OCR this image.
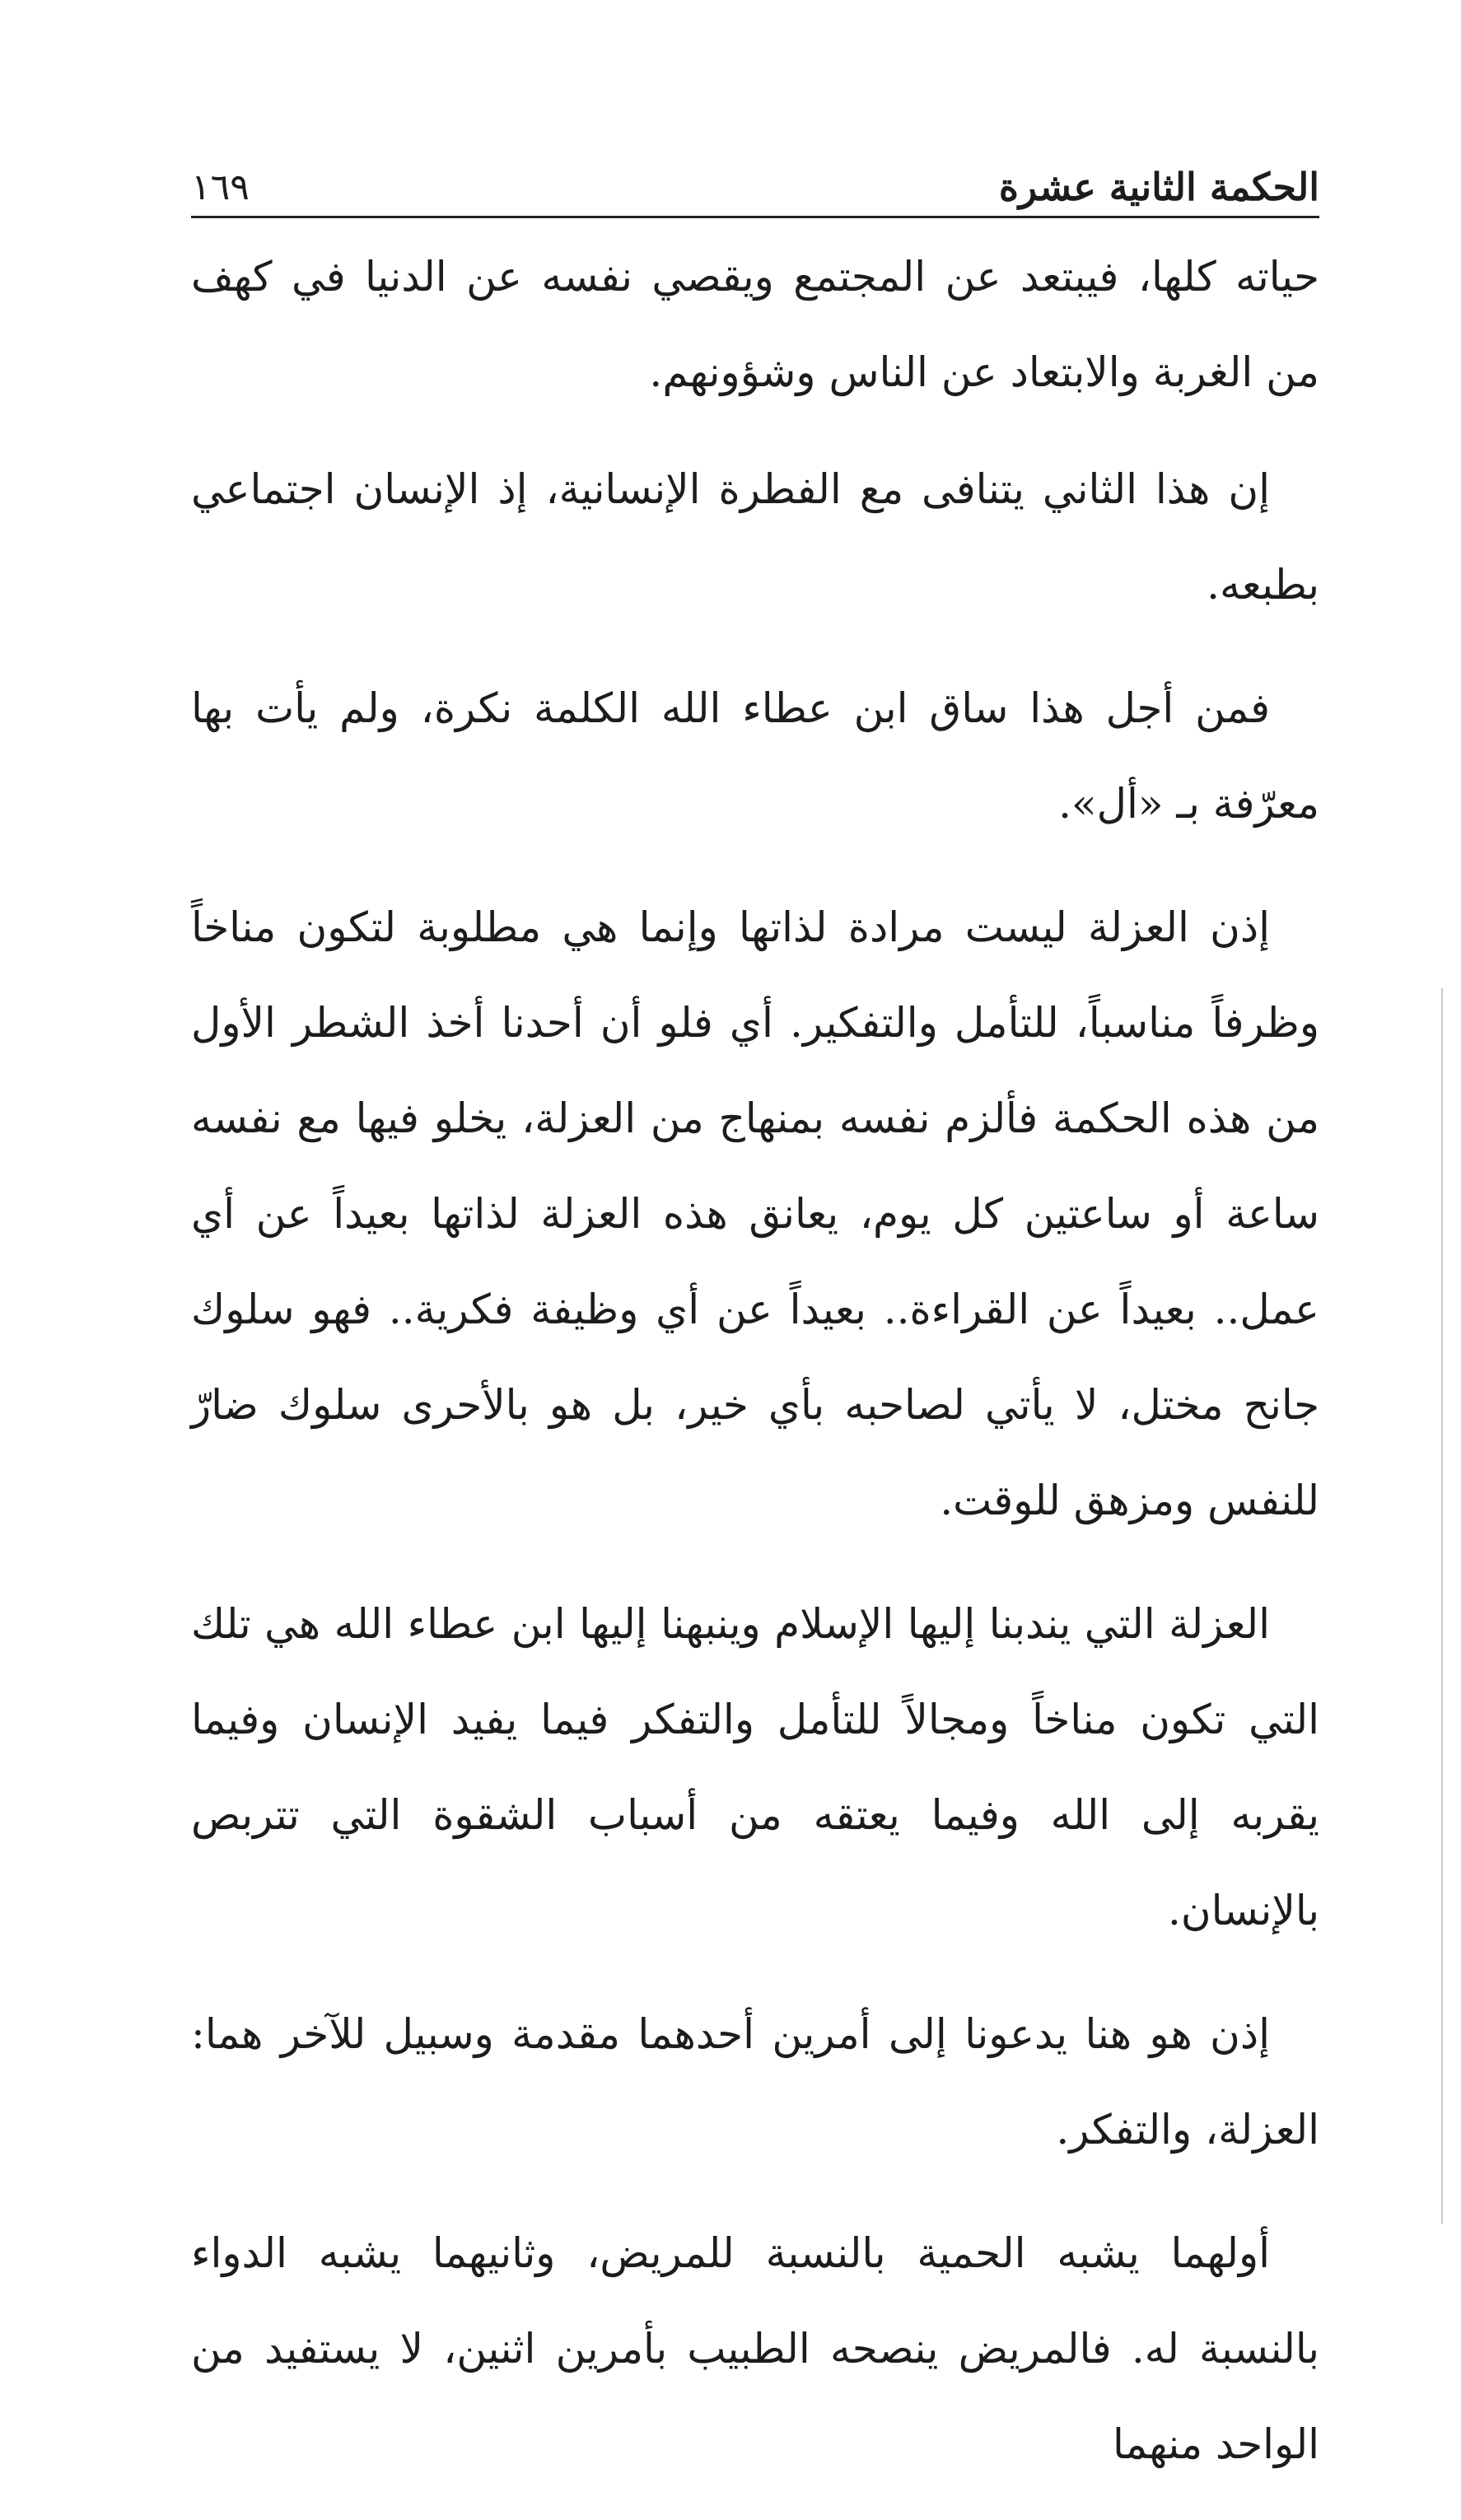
الحكمة الثانية عشرة
١٦٩

حياته كلها، فيبتعد عن المجتمع ويقصي نفسه عن الدنيا في كهف من الغربة والابتعاد عن الناس وشؤونهم.

إن هذا الثاني يتنافى مع الفطرة الإنسانية، إذ الإنسان اجتماعي بطبعه.

فمن أجل هذا ساق ابن عطاء الله الكلمة نكرة، ولم يأت بها معرّفة بـ «أل».

إذن العزلة ليست مرادة لذاتها وإنما هي مطلوبة لتكون مناخاً وظرفاً مناسباً، للتأمل والتفكير. أي فلو أن أحدنا أخذ الشطر الأول من هذه الحكمة فألزم نفسه بمنهاج من العزلة، يخلو فيها مع نفسه ساعة أو ساعتين كل يوم، يعانق هذه العزلة لذاتها بعيداً عن أي عمل.. بعيداً عن القراءة.. بعيداً عن أي وظيفة فكرية.. فهو سلوك جانح مختل، لا يأتي لصاحبه بأي خير، بل هو بالأحرى سلوك ضارّ للنفس ومزهق للوقت.

العزلة التي يندبنا إليها الإسلام وينبهنا إليها ابن عطاء الله هي تلك التي تكون مناخاً ومجالاً للتأمل والتفكر فيما يفيد الإنسان وفيما يقربه إلى الله وفيما يعتقه من أسباب الشقوة التي تتربص بالإنسان.

إذن هو هنا يدعونا إلى أمرين أحدهما مقدمة وسبيل للآخر هما: العزلة، والتفكر.

أولهما يشبه الحمية بالنسبة للمريض، وثانيهما يشبه الدواء بالنسبة له. فالمريض ينصحه الطبيب بأمرين اثنين، لا يستفيد من الواحد منهما
